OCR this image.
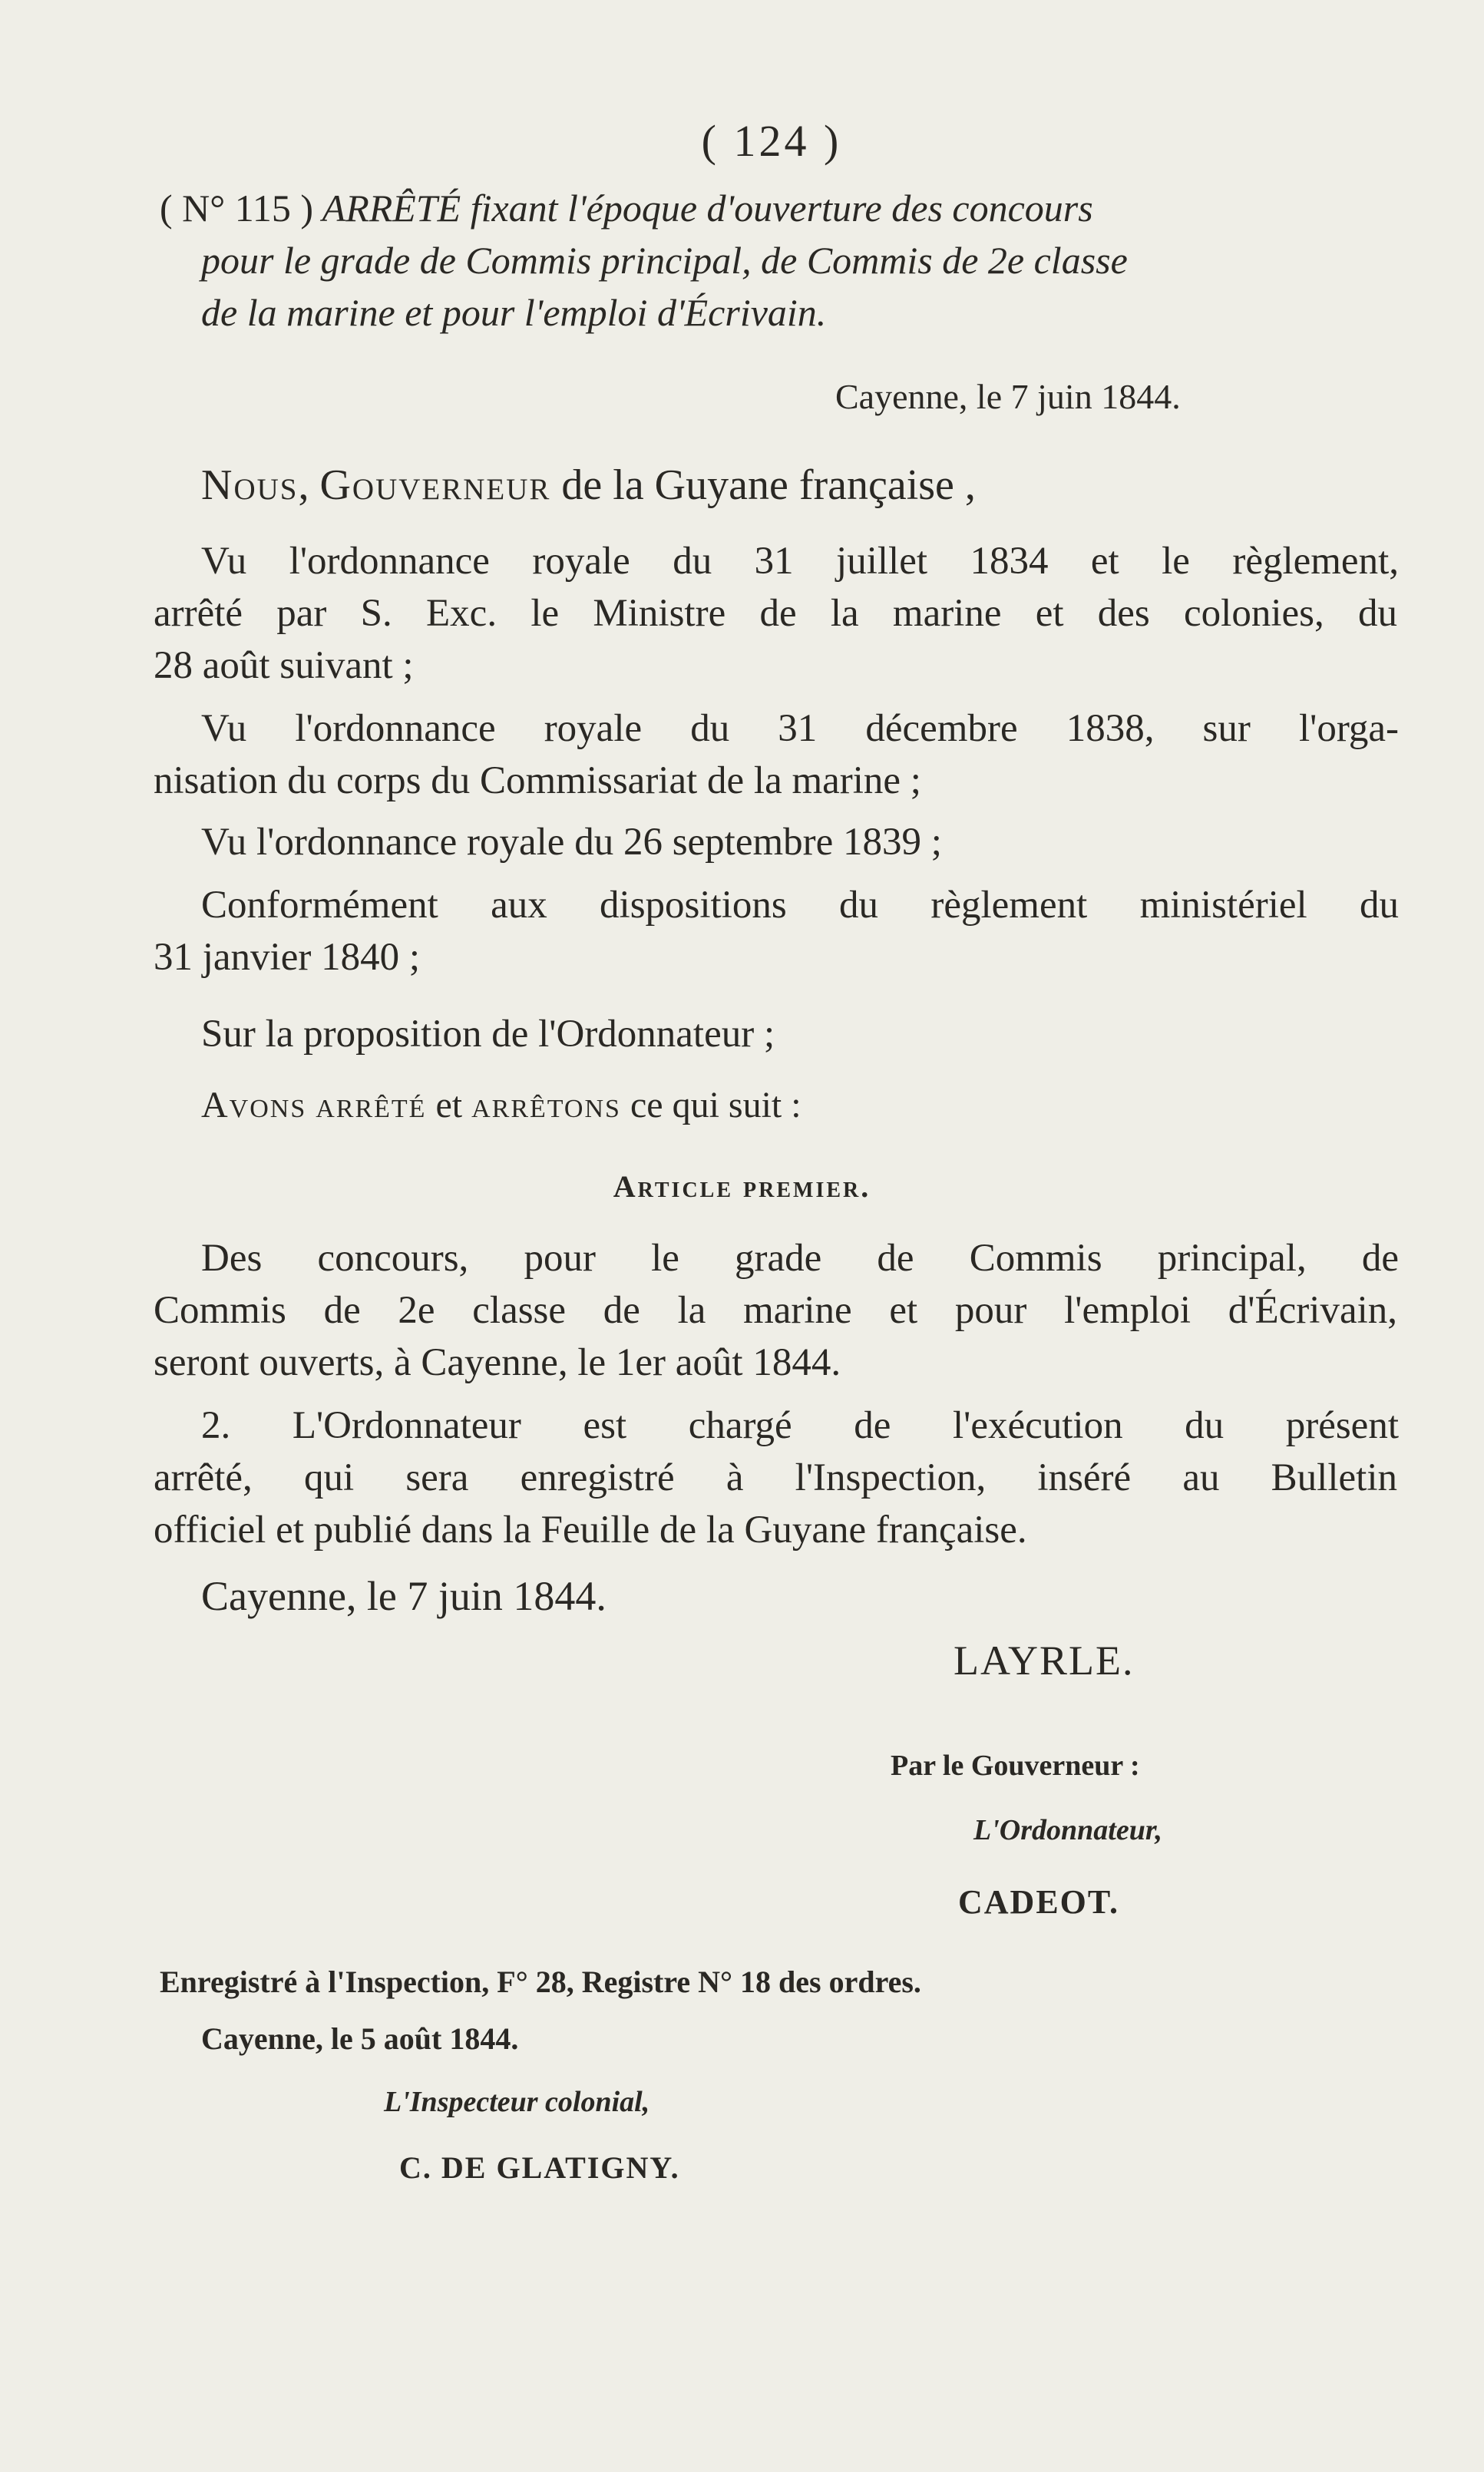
( 124 )
( N° 115 ) ARRÊTÉ fixant l'époque d'ouverture des concours
pour le grade de Commis principal, de Commis de 2e classe
de la marine et pour l'emploi d'Écrivain.
Cayenne, le 7 juin 1844.
Nous, Gouverneur de la Guyane française ,
Vu l'ordonnance royale du 31 juillet 1834 et le règlement,
arrêté par S. Exc. le Ministre de la marine et des colonies, du
28 août suivant ;
Vu l'ordonnance royale du 31 décembre 1838, sur l'orga-
nisation du corps du Commissariat de la marine ;
Vu l'ordonnance royale du 26 septembre 1839 ;
Conformément aux dispositions du règlement ministériel du
31 janvier 1840 ;
Sur la proposition de l'Ordonnateur ;
Avons arrêté et arrêtons ce qui suit :
Article premier.
Des concours, pour le grade de Commis principal, de
Commis de 2e classe de la marine et pour l'emploi d'Écrivain,
seront ouverts, à Cayenne, le 1er août 1844.
2. L'Ordonnateur est chargé de l'exécution du présent
arrêté, qui sera enregistré à l'Inspection, inséré au Bulletin
officiel et publié dans la Feuille de la Guyane française.
Cayenne, le 7 juin 1844.
LAYRLE.
Par le Gouverneur :
L'Ordonnateur,
CADEOT.
Enregistré à l'Inspection, F° 28, Registre N° 18 des ordres.
Cayenne, le 5 août 1844.
L'Inspecteur colonial,
C. DE GLATIGNY.
